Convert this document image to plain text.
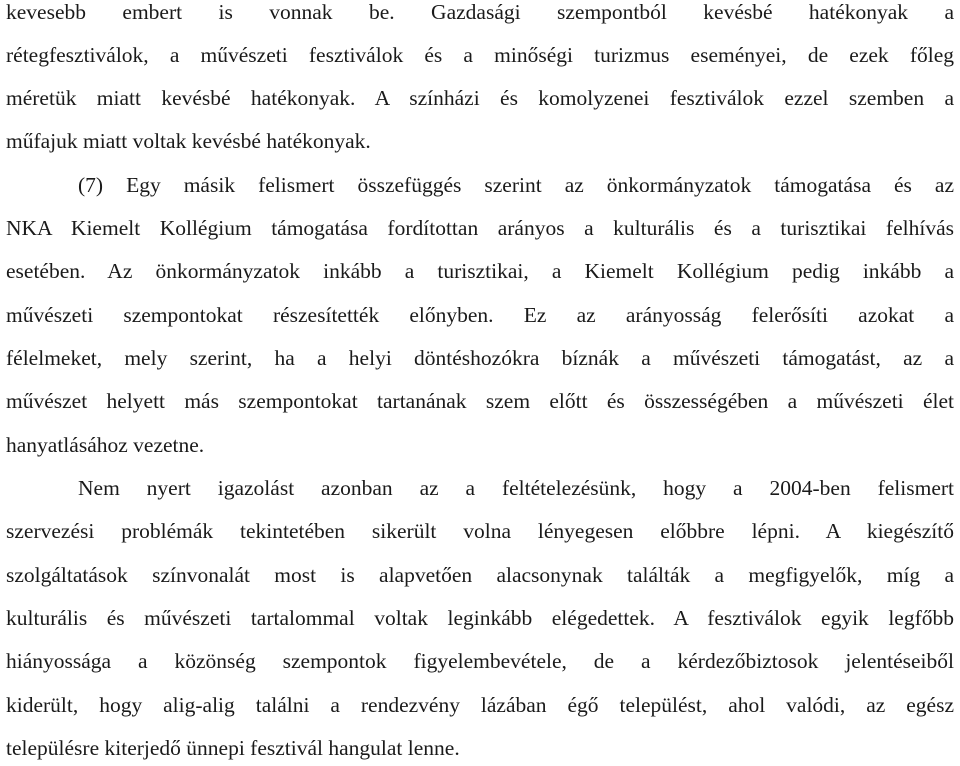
kevesebb embert is vonnak be. Gazdasági szempontból kevésbé hatékonyak a
rétegfesztiválok, a művészeti fesztiválok és a minőségi turizmus eseményei, de ezek főleg
méretük miatt kevésbé hatékonyak. A színházi és komolyzenei fesztiválok ezzel szemben a
műfajuk miatt voltak kevésbé hatékonyak.
(7) Egy másik felismert összefüggés szerint az önkormányzatok támogatása és az
NKA Kiemelt Kollégium támogatása fordítottan arányos a kulturális és a turisztikai felhívás
esetében. Az önkormányzatok inkább a turisztikai, a Kiemelt Kollégium pedig inkább a
művészeti szempontokat részesítették előnyben. Ez az arányosság felerősíti azokat a
félelmeket, mely szerint, ha a helyi döntéshozókra bíznák a művészeti támogatást, az a
művészet helyett más szempontokat tartanának szem előtt és összességében a művészeti élet
hanyatlásához vezetne.
Nem nyert igazolást azonban az a feltételezésünk, hogy a 2004-ben felismert
szervezési problémák tekintetében sikerült volna lényegesen előbbre lépni. A kiegészítő
szolgáltatások színvonalát most is alapvetően alacsonynak találták a megfigyelők, míg a
kulturális és művészeti tartalommal voltak leginkább elégedettek. A fesztiválok egyik legfőbb
hiányossága a közönség szempontok figyelembevétele, de a kérdezőbiztosok jelentéseiből
kiderült, hogy alig-alig találni a rendezvény lázában égő települést, ahol valódi, az egész
településre kiterjedő ünnepi fesztivál hangulat lenne.
